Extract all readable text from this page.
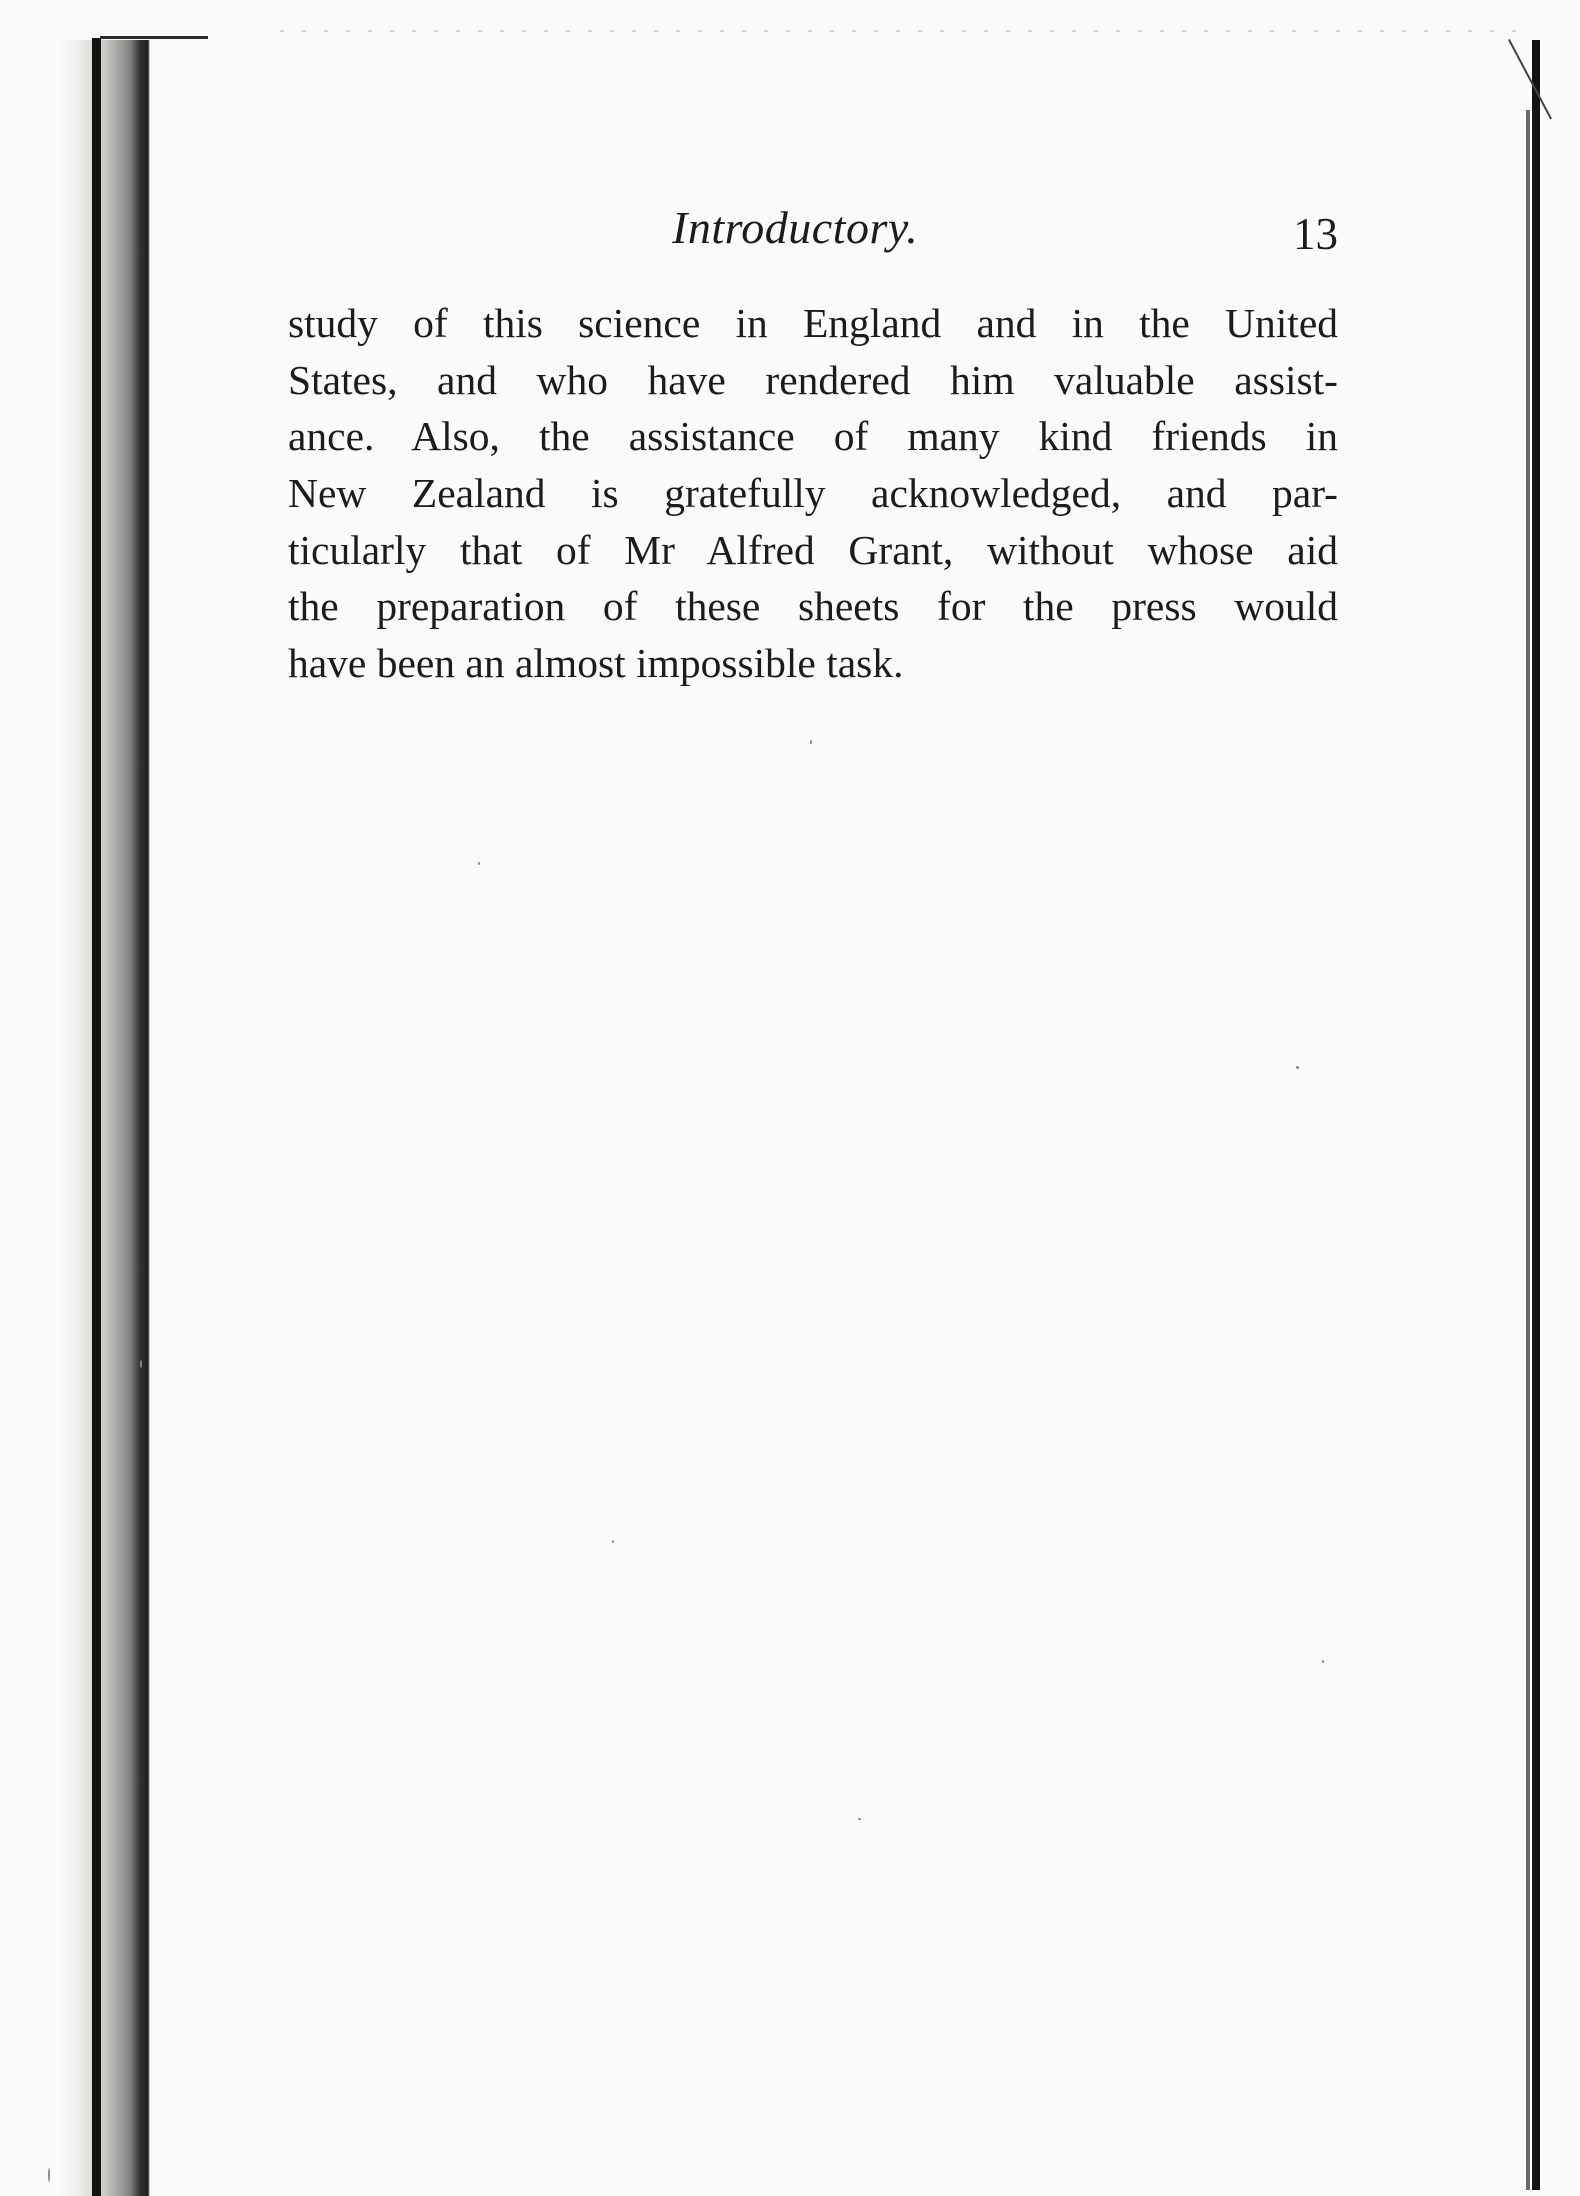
Introductory.	13
study of this science in England and in the United
States, and who have rendered him valuable assist-
ance. Also, the assistance of many kind friends in
New Zealand is gratefully acknowledged, and par-
ticularly that of Mr Alfred Grant, without whose aid
the preparation of these sheets for the press would
have been an almost impossible task.
